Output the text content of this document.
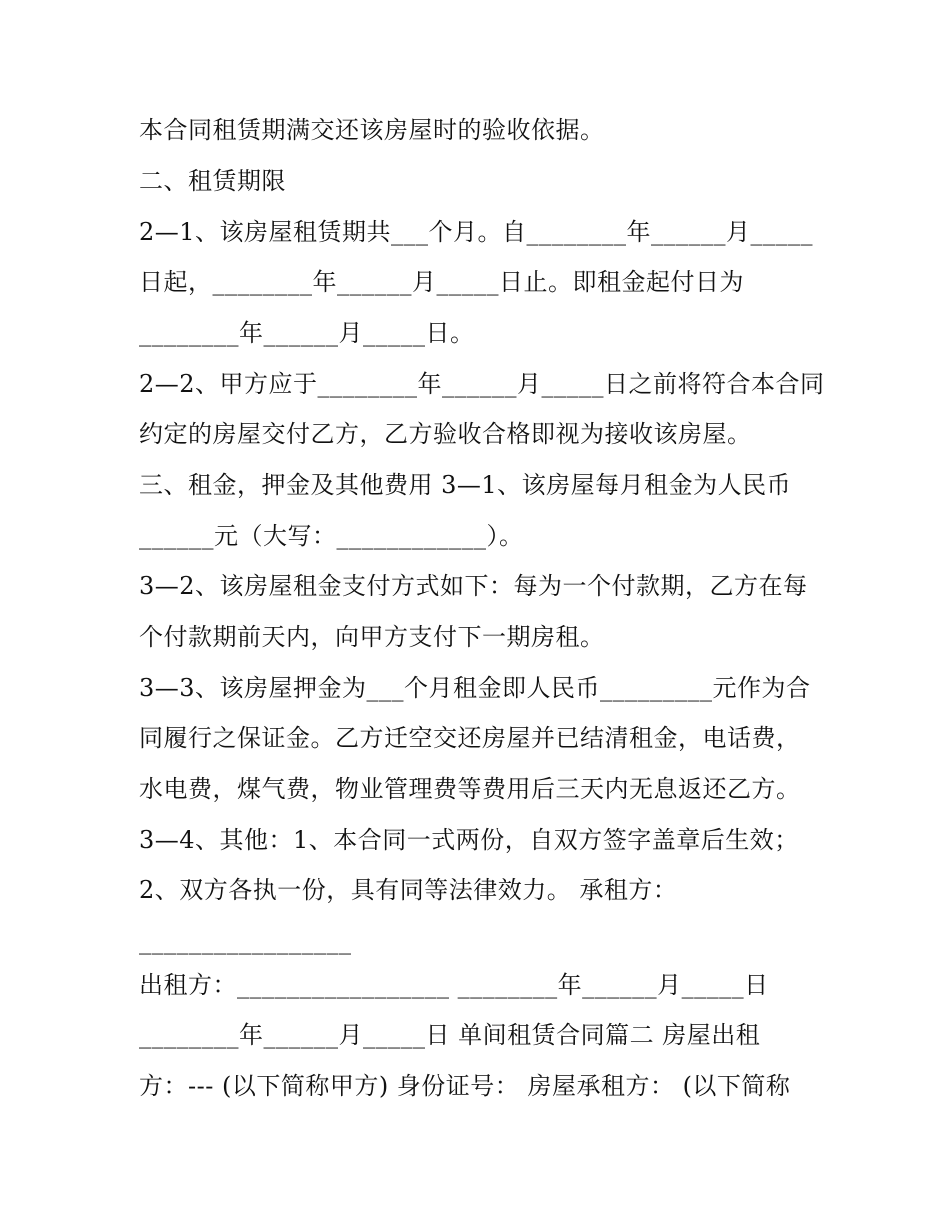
本合同租赁期满交还该房屋时的验收依据。
二、租赁期限
2—1、该房屋租赁期共___个月。自________年______月_____
日起，________年______月_____日止。即租金起付日为
________年______月_____日。
2—2、甲方应于________年______月_____日之前将符合本合同
约定的房屋交付乙方，乙方验收合格即视为接收该房屋。
三、租金，押金及其他费用 3—1、该房屋每月租金为人民币
______元（大写：____________）。
3—2、该房屋租金支付方式如下：每为一个付款期，乙方在每
个付款期前天内，向甲方支付下一期房租。
3—3、该房屋押金为___个月租金即人民币_________元作为合
同履行之保证金。乙方迁空交还房屋并已结清租金，电话费，
水电费，煤气费，物业管理费等费用后三天内无息返还乙方。
3—4、其他：1、本合同一式两份，自双方签字盖章后生效；
2、双方各执一份，具有同等法律效力。 承租方：
_________________
出租方：_________________ ________年______月_____日
________年______月_____日 单间租赁合同篇二 房屋出租
方：--- (以下简称甲方) 身份证号： 房屋承租方： (以下简称
